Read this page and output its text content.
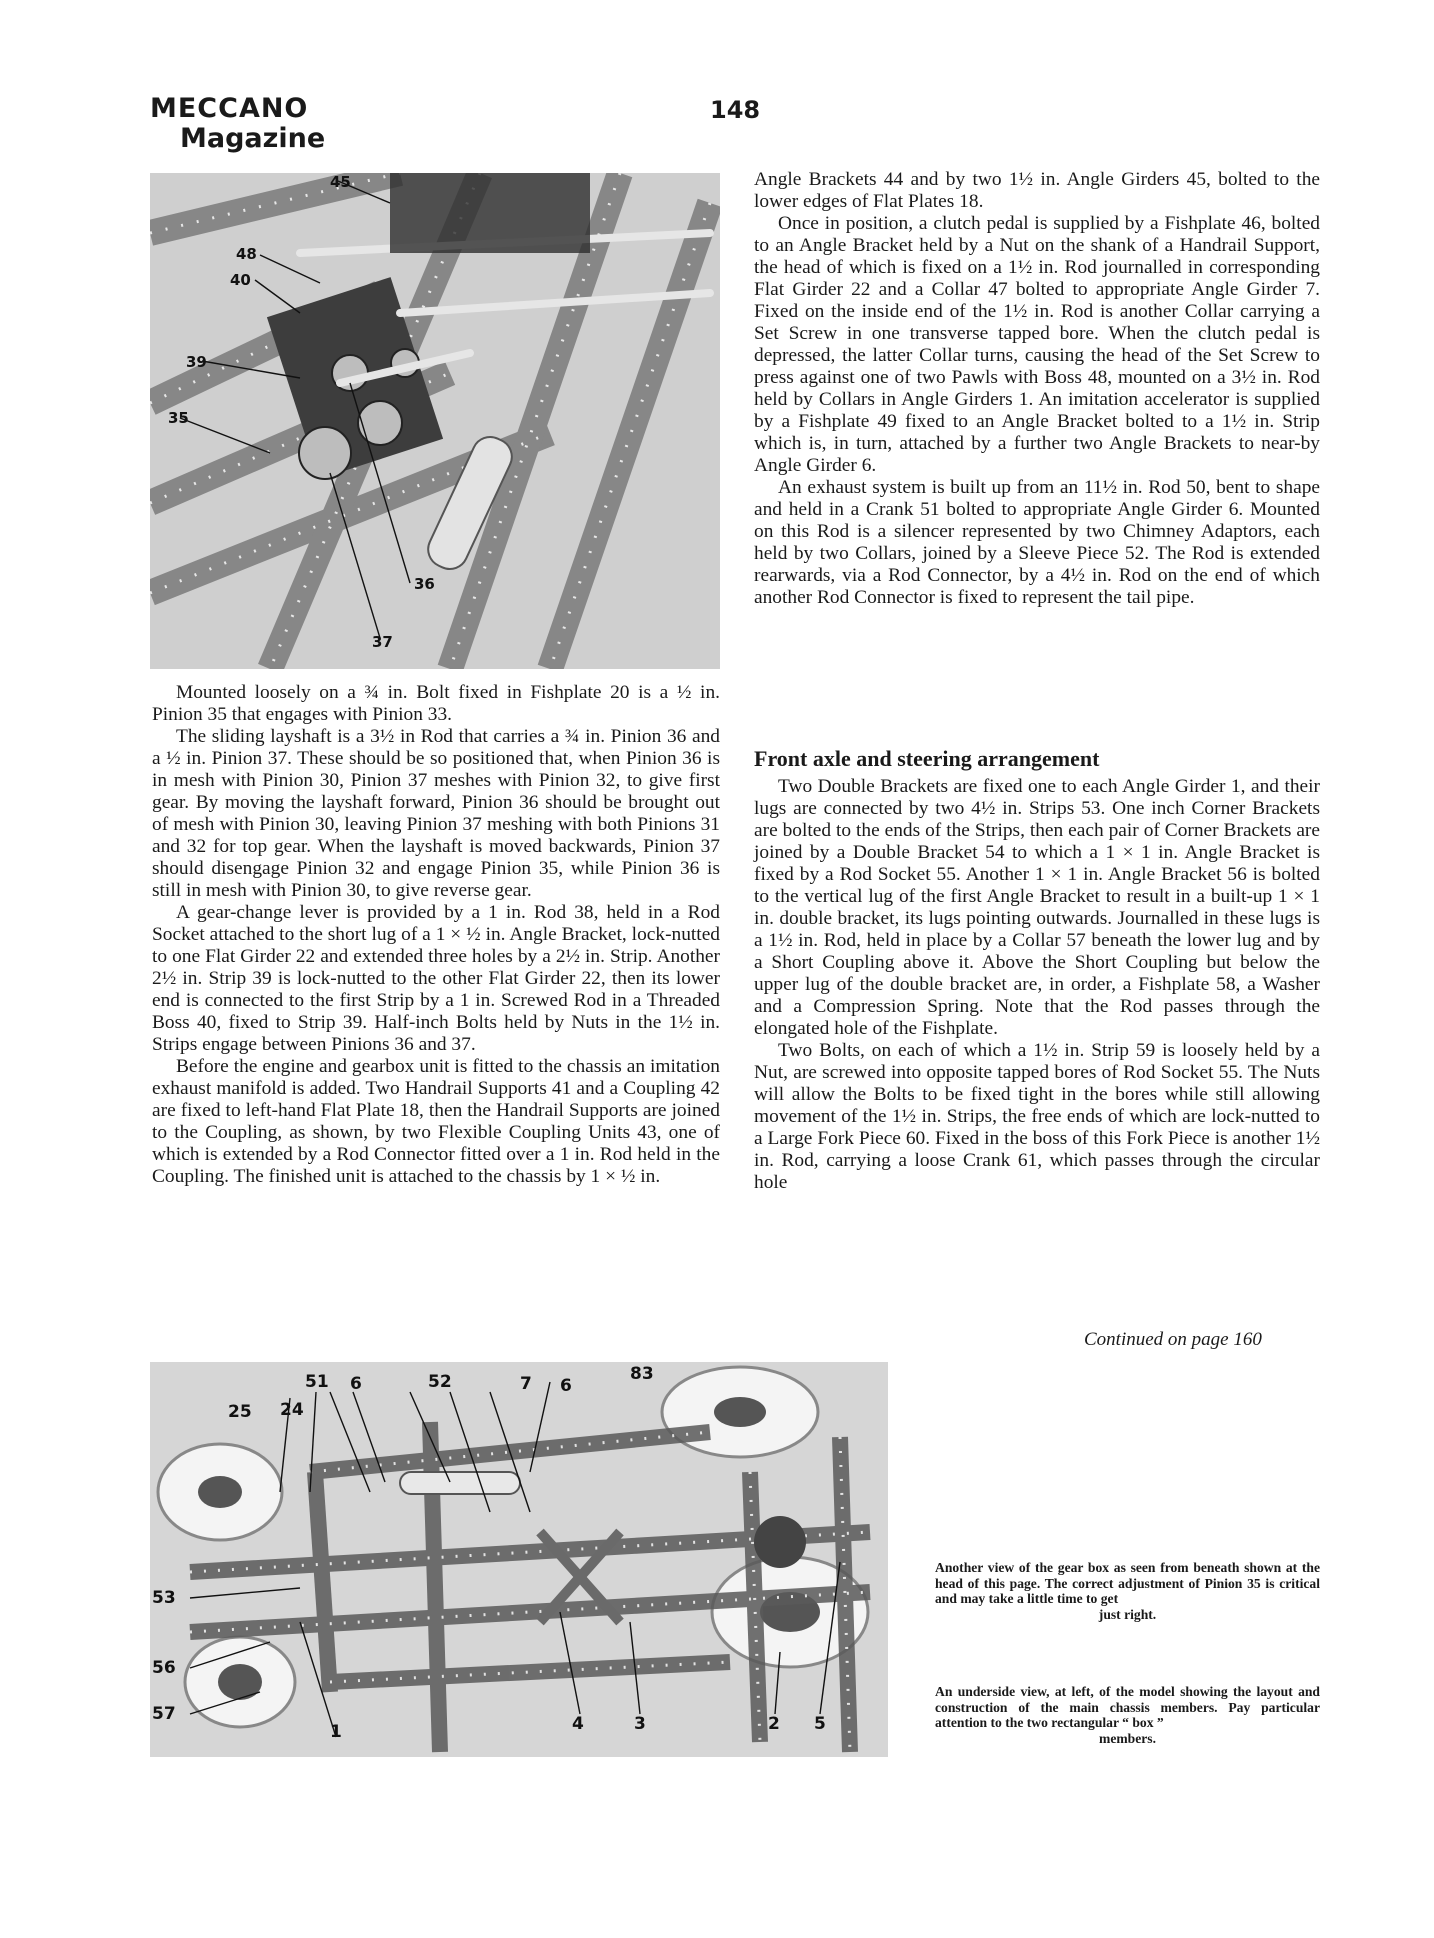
MECCANO
Magazine
148
45
48
40
39
35
36
37

Mounted loosely on a ¾ in. Bolt fixed in Fishplate 20 is a ½ in. Pinion 35 that engages with Pinion 33.

The sliding layshaft is a 3½ in Rod that carries a ¾ in. Pinion 36 and a ½ in. Pinion 37. These should be so positioned that, when Pinion 36 is in mesh with Pinion 30, Pinion 37 meshes with Pinion 32, to give first gear. By moving the layshaft forward, Pinion 36 should be brought out of mesh with Pinion 30, leaving Pinion 37 meshing with both Pinions 31 and 32 for top gear. When the layshaft is moved backwards, Pinion 37 should disengage Pinion 32 and engage Pinion 35, while Pinion 36 is still in mesh with Pinion 30, to give reverse gear.

A gear-change lever is provided by a 1 in. Rod 38, held in a Rod Socket attached to the short lug of a 1 × ½ in. Angle Bracket, lock-nutted to one Flat Girder 22 and extended three holes by a 2½ in. Strip. Another 2½ in. Strip 39 is lock-nutted to the other Flat Girder 22, then its lower end is connected to the first Strip by a 1 in. Screwed Rod in a Threaded Boss 40, fixed to Strip 39. Half-inch Bolts held by Nuts in the 1½ in. Strips engage between Pinions 36 and 37.

Before the engine and gearbox unit is fitted to the chassis an imitation exhaust manifold is added. Two Handrail Supports 41 and a Coupling 42 are fixed to left-hand Flat Plate 18, then the Handrail Supports are joined to the Coupling, as shown, by two Flexible Coupling Units 43, one of which is extended by a Rod Connector fitted over a 1 in. Rod held in the Coupling. The finished unit is attached to the chassis by 1 × ½ in.

Angle Brackets 44 and by two 1½ in. Angle Girders 45, bolted to the lower edges of Flat Plates 18.

Once in position, a clutch pedal is supplied by a Fishplate 46, bolted to an Angle Bracket held by a Nut on the shank of a Handrail Support, the head of which is fixed on a 1½ in. Rod journalled in corresponding Flat Girder 22 and a Collar 47 bolted to appropriate Angle Girder 7. Fixed on the inside end of the 1½ in. Rod is another Collar carrying a Set Screw in one transverse tapped bore. When the clutch pedal is depressed, the latter Collar turns, causing the head of the Set Screw to press against one of two Pawls with Boss 48, mounted on a 3½ in. Rod held by Collars in Angle Girders 1. An imitation accelerator is supplied by a Fishplate 49 fixed to an Angle Bracket bolted to a 1½ in. Strip which is, in turn, attached by a further two Angle Brackets to near-by Angle Girder 6.

An exhaust system is built up from an 11½ in. Rod 50, bent to shape and held in a Crank 51 bolted to appropriate Angle Girder 6. Mounted on this Rod is a silencer represented by two Chimney Adaptors, each held by two Collars, joined by a Sleeve Piece 52. The Rod is extended rearwards, via a Rod Connector, by a 4½ in. Rod on the end of which another Rod Connector is fixed to represent the tail pipe.

Front axle and steering arrangement

Two Double Brackets are fixed one to each Angle Girder 1, and their lugs are connected by two 4½ in. Strips 53. One inch Corner Brackets are bolted to the ends of the Strips, then each pair of Corner Brackets are joined by a Double Bracket 54 to which a 1 × 1 in. Angle Bracket is fixed by a Rod Socket 55. Another 1 × 1 in. Angle Bracket 56 is bolted to the vertical lug of the first Angle Bracket to result in a built-up 1 × 1 in. double bracket, its lugs pointing outwards. Journalled in these lugs is a 1½ in. Rod, held in place by a Collar 57 beneath the lower lug and by a Short Coupling above it. Above the Short Coupling but below the upper lug of the double bracket are, in order, a Fishplate 58, a Washer and a Compression Spring. Note that the Rod passes through the elongated hole of the Fishplate.

Two Bolts, on each of which a 1½ in. Strip 59 is loosely held by a Nut, are screwed into opposite tapped bores of Rod Socket 55. The Nuts will allow the Bolts to be fixed tight in the bores while still allowing movement of the 1½ in. Strips, the free ends of which are lock-nutted to a Large Fork Piece 60. Fixed in the boss of this Fork Piece is another 1½ in. Rod, carrying a loose Crank 61, which passes through the circular hole

Continued on page 160
51 6	52	7 6
83
25 24
53
56
57
1	4	3	2 5
Another view of the gear box as seen from beneath shown at the head of this page. The correct adjustment of Pinion 35 is critical and may take a little time to get
just right.
An underside view, at left, of the model showing the layout and construction of the main chassis members. Pay particular attention to the two rectangular “ box ”
members.
